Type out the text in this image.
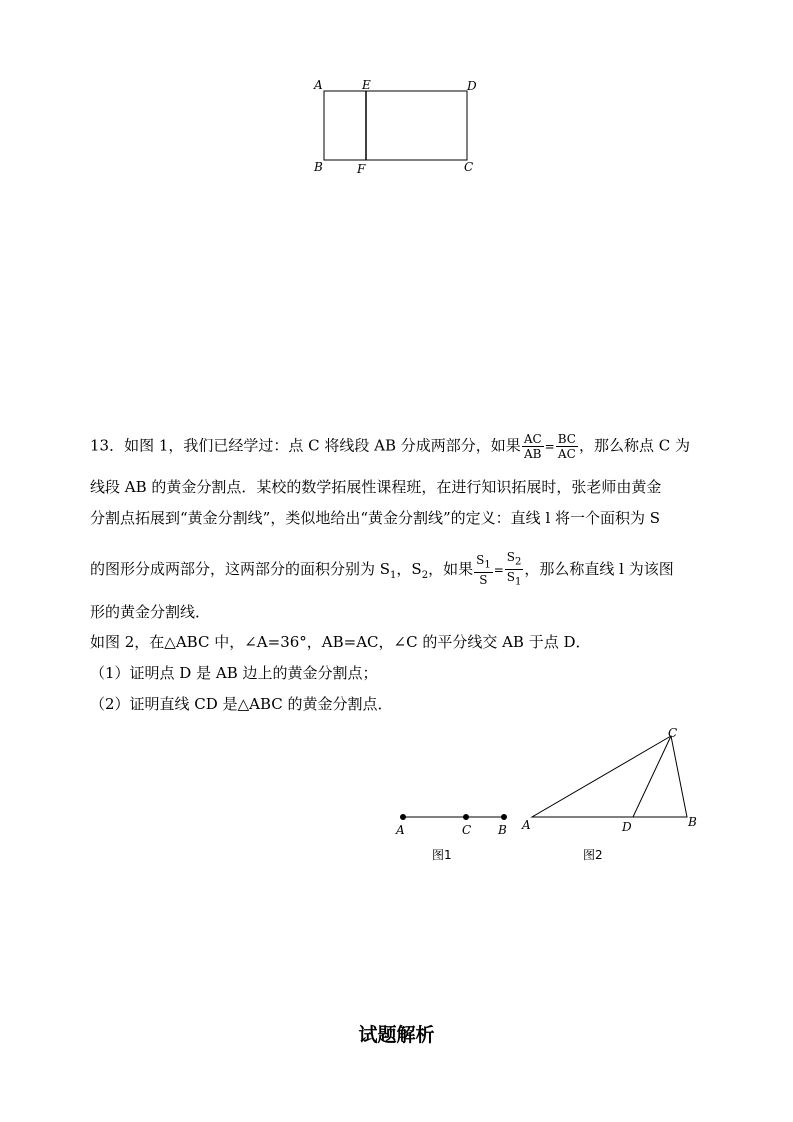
A	E	D
B	F	C
13．如图 1，我们已经学过：点 C 将线段 AB 分成两部分，如果 $\frac{AC}{AB} = \frac{BC}{AC}$ ，那么称点 C 为
线段 AB 的黄金分割点．某校的数学拓展性课程班，在进行知识拓展时，张老师由黄金
分割点拓展到“黄金分割线”，类似地给出“黄金分割线”的定义：直线 l 将一个面积为 S
的图形分成两部分，这两部分的面积分别为 $S_1$，$S_2$，如果 $\frac{S_1}{S} = \frac{S_2}{S_1}$ ，那么称直线 l 为该图
形的黄金分割线．
如图 2，在△ABC 中，∠A=36°，AB=AC，∠C 的平分线交 AB 于点 D．
（1）证明点 D 是 AB 边上的黄金分割点；
（2）证明直线 CD 是△ABC 的黄金分割点．
A	C B
图1
C
A	D	B
图2
试题解析
